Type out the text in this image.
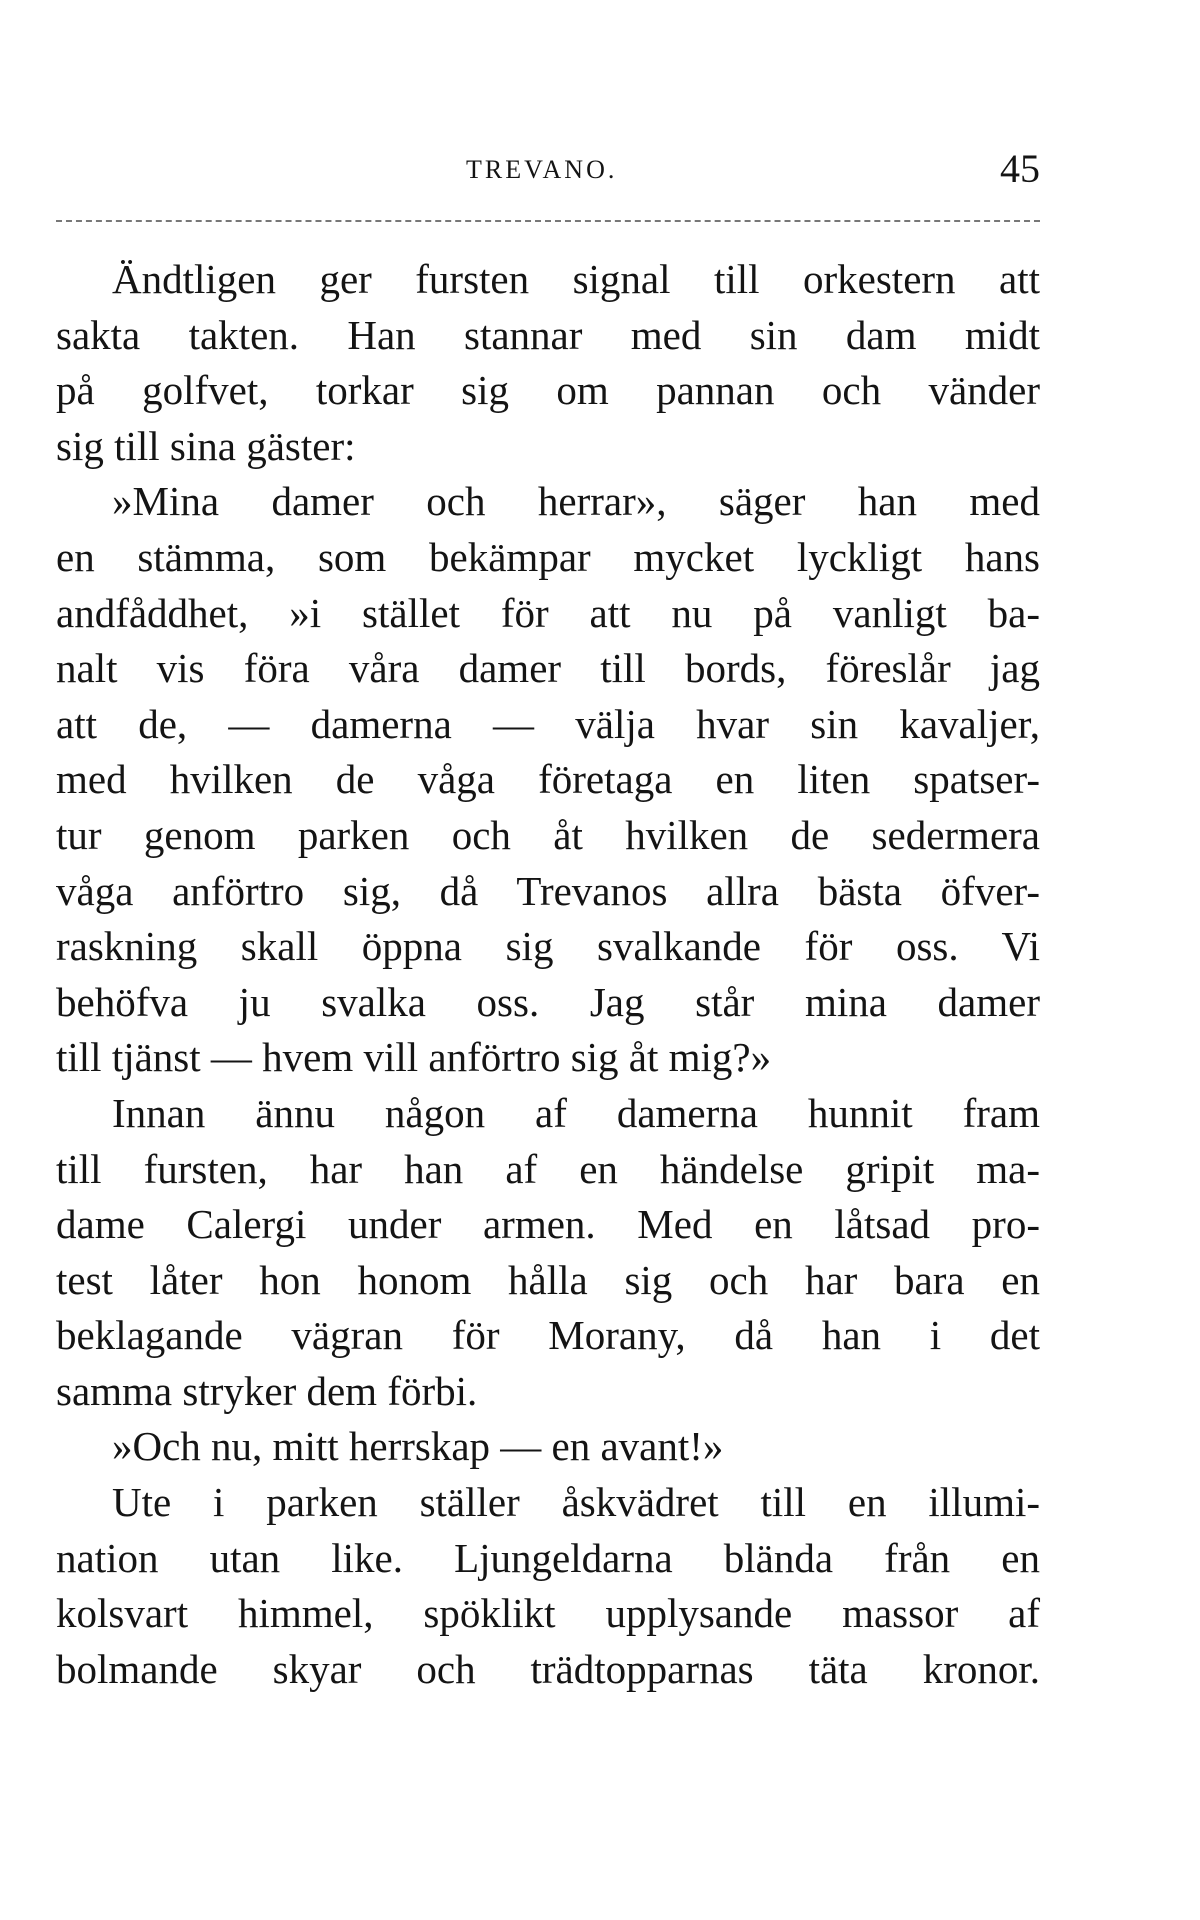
TREVANO.	45
Ändtligen ger fursten signal till orkestern att
sakta takten. Han stannar med sin dam midt
på golfvet, torkar sig om pannan och vänder
sig till sina gäster:
»Mina damer och herrar», säger han med
en stämma, som bekämpar mycket lyckligt hans
andfåddhet, »i stället för att nu på vanligt ba-
nalt vis föra våra damer till bords, föreslår jag
att de, — damerna — välja hvar sin kavaljer,
med hvilken de våga företaga en liten spatser-
tur genom parken och åt hvilken de sedermera
våga anförtro sig, då Trevanos allra bästa öfver-
raskning skall öppna sig svalkande för oss. Vi
behöfva ju svalka oss. Jag står mina damer
till tjänst — hvem vill anförtro sig åt mig?»
Innan ännu någon af damerna hunnit fram
till fursten, har han af en händelse gripit ma-
dame Calergi under armen. Med en låtsad pro-
test låter hon honom hålla sig och har bara en
beklagande vägran för Morany, då han i det
samma stryker dem förbi.
»Och nu, mitt herrskap — en avant!»
Ute i parken ställer åskvädret till en illumi-
nation utan like. Ljungeldarna blända från en
kolsvart himmel, spöklikt upplysande massor af
bolmande skyar och trädtopparnas täta kronor.
